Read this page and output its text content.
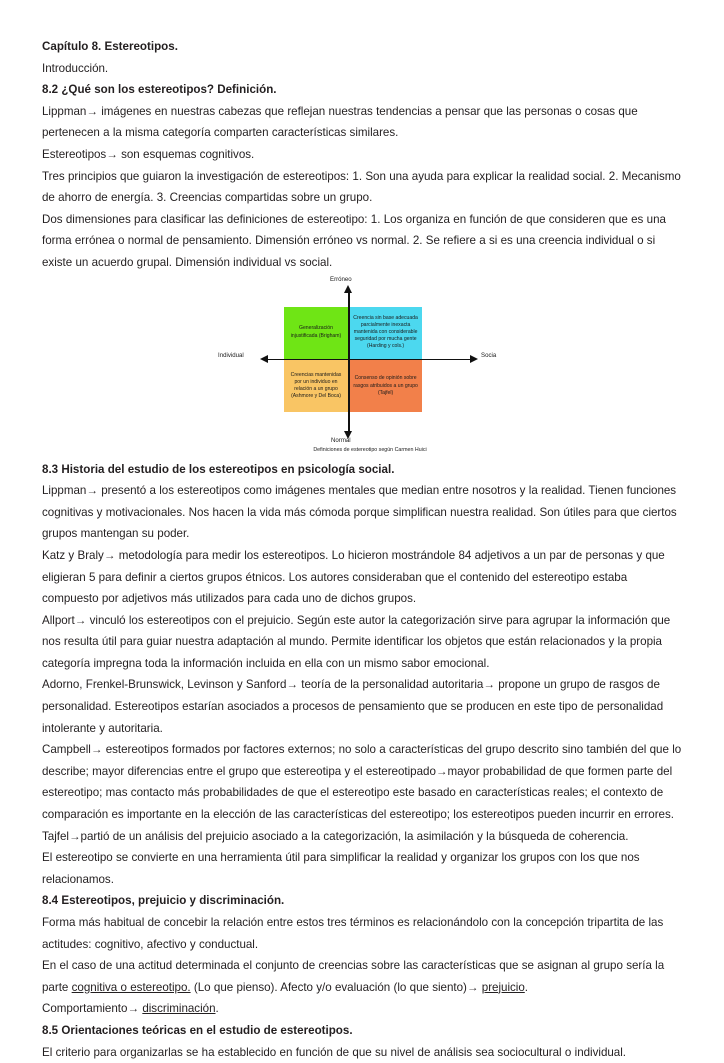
Capítulo 8. Estereotipos.

Introducción.

8.2 ¿Qué son los estereotipos? Definición.

Lippman→ imágenes en nuestras cabezas que reflejan nuestras tendencias a pensar que las personas o cosas que pertenecen a la misma categoría comparten características similares.

Estereotipos→ son esquemas cognitivos.

Tres principios que guiaron la investigación de estereotipos: 1. Son una ayuda para explicar la realidad social. 2. Mecanismo de ahorro de energía. 3. Creencias compartidas sobre un grupo.

Dos dimensiones para clasificar las definiciones de estereotipo: 1. Los organiza en función de que consideren que es una forma errónea o normal de pensamiento. Dimensión erróneo vs normal. 2. Se refiere a si es una creencia individual o si existe un acuerdo grupal. Dimensión individual vs social.

Generalización injustificada (Brigham)
Creencia sin base adecuada parcialmente inexacta mantenida con considerable seguridad por mucha gente (Harding y cols.)
Creencias mantenidas por un individuo en relación a un grupo (Ashmore y Del Boca)
Consenso de opinión sobre rasgos atribuidos a un grupo (Tajfel)
Erróneo
Normal
Individual	Socia
Definiciones de estereotipo según Carmen Huici

8.3 Historia del estudio de los estereotipos en psicología social.

Lippman→ presentó a los estereotipos como imágenes mentales que median entre nosotros y la realidad. Tienen funciones cognitivas y motivacionales. Nos hacen la vida más cómoda porque simplifican nuestra realidad. Son útiles para que ciertos grupos mantengan su poder.

Katz y Braly→ metodología para medir los estereotipos. Lo hicieron mostrándole 84 adjetivos a un par de personas y que eligieran 5 para definir a ciertos grupos étnicos. Los autores consideraban que el contenido del estereotipo estaba compuesto por adjetivos más utilizados para cada uno de dichos grupos.

Allport→ vinculó los estereotipos con el prejuicio. Según este autor la categorización sirve para agrupar la información que nos resulta útil para guiar nuestra adaptación al mundo. Permite identificar los objetos que están relacionados y la propia categoría impregna toda la información incluida en ella con un mismo sabor emocional.

Adorno, Frenkel-Brunswick, Levinson y Sanford→ teoría de la personalidad autoritaria→ propone un grupo de rasgos de personalidad. Estereotipos estarían asociados a procesos de pensamiento que se producen en este tipo de personalidad intolerante y autoritaria.

Campbell→ estereotipos formados por factores externos; no solo a características del grupo descrito sino también del que lo describe; mayor diferencias entre el grupo que estereotipa y el estereotipado→mayor probabilidad de que formen parte del estereotipo; mas contacto más probabilidades de que el estereotipo este basado en características reales; el contexto de comparación es importante en la elección de las características del estereotipo; los estereotipos pueden incurrir en errores.

Tajfel→partió de un análisis del prejuicio asociado a la categorización, la asimilación y la búsqueda de coherencia.

El estereotipo se convierte en una herramienta útil para simplificar la realidad y organizar los grupos con los que nos relacionamos.

8.4 Estereotipos, prejuicio y discriminación.

Forma más habitual de concebir la relación entre estos tres términos es relacionándolo con la concepción tripartita de las actitudes: cognitivo, afectivo y conductual.

En el caso de una actitud determinada el conjunto de creencias sobre las características que se asignan al grupo sería la parte cognitiva o estereotipo. (Lo que pienso). Afecto y/o evaluación (lo que siento)→ prejuicio.

Comportamiento→ discriminación.

8.5 Orientaciones teóricas en el estudio de estereotipos.

El criterio para organizarlas se ha establecido en función de que su nivel de análisis sea sociocultural o individual.
